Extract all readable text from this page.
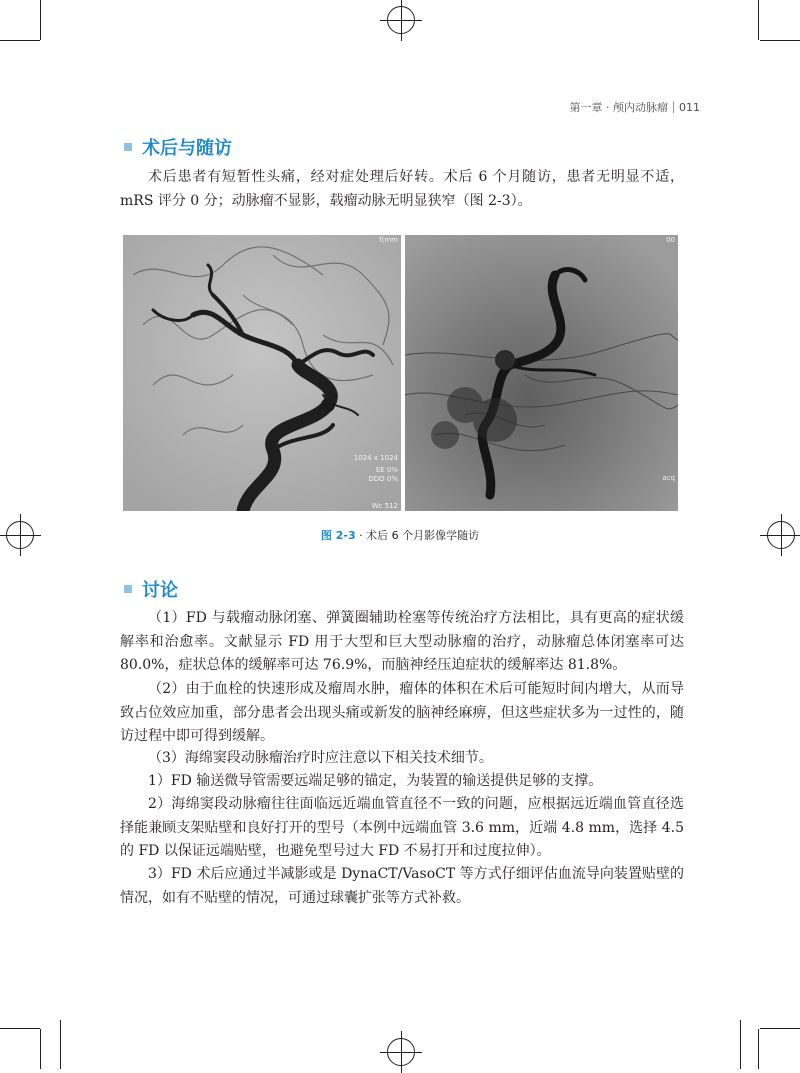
第一章 · 颅内动脉瘤 011
术后与随访

术后患者有短暂性头痛，经对症处理后好转。术后 6 个月随访，患者无明显不适，mRS 评分 0 分；动脉瘤不显影，载瘤动脉无明显狭窄（图 2-3）。

f(mm
1024 x 1024
EE 0%
DDO 0%
Wc 512
00
acq
图 2-3 · 术后 6 个月影像学随访
讨论

（1）FD 与载瘤动脉闭塞、弹簧圈辅助栓塞等传统治疗方法相比，具有更高的症状缓解率和治愈率。文献显示 FD 用于大型和巨大型动脉瘤的治疗，动脉瘤总体闭塞率可达 80.0%，症状总体的缓解率可达 76.9%，而脑神经压迫症状的缓解率达 81.8%。

（2）由于血栓的快速形成及瘤周水肿，瘤体的体积在术后可能短时间内增大，从而导致占位效应加重，部分患者会出现头痛或新发的脑神经麻痹，但这些症状多为一过性的，随访过程中即可得到缓解。

（3）海绵窦段动脉瘤治疗时应注意以下相关技术细节。

1）FD 输送微导管需要远端足够的锚定，为装置的输送提供足够的支撑。

2）海绵窦段动脉瘤往往面临远近端血管直径不一致的问题，应根据远近端血管直径选择能兼顾支架贴壁和良好打开的型号（本例中远端血管 3.6 mm，近端 4.8 mm，选择 4.5 的 FD 以保证远端贴壁，也避免型号过大 FD 不易打开和过度拉伸）。

3）FD 术后应通过半减影或是 DynaCT/VasoCT 等方式仔细评估血流导向装置贴壁的情况，如有不贴壁的情况，可通过球囊扩张等方式补救。
